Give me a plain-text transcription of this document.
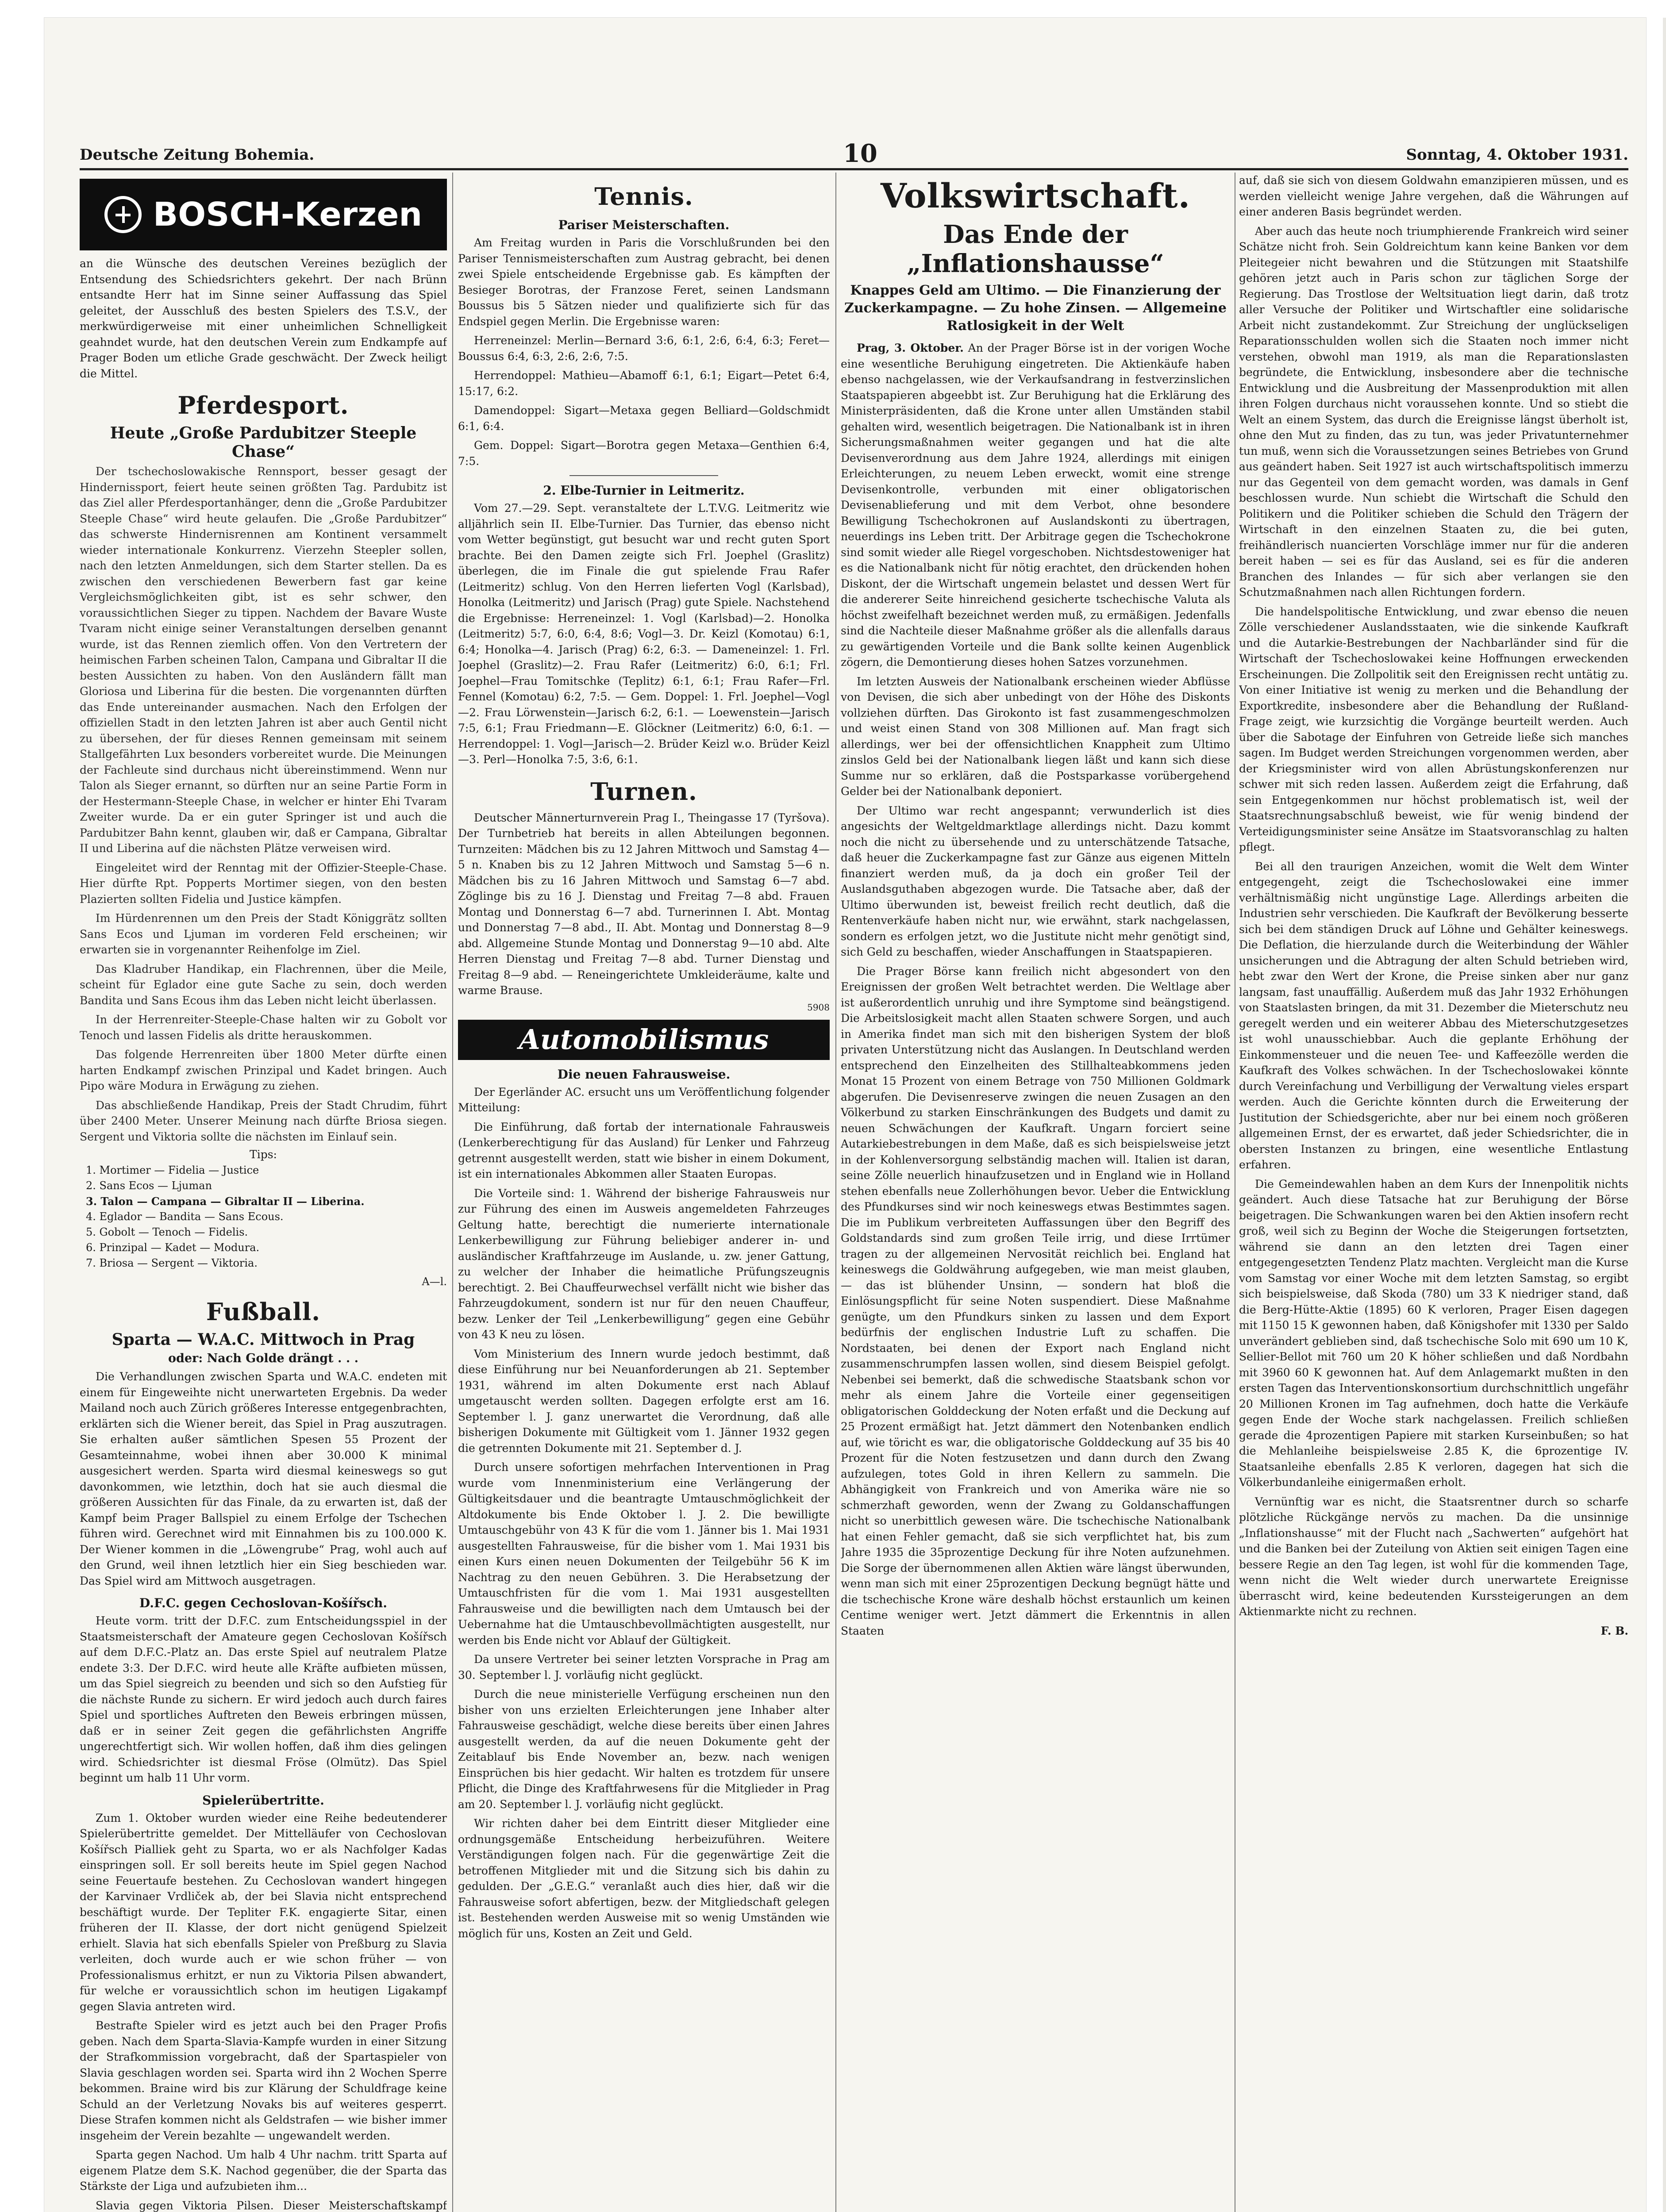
Deutsche Zeitung Bohemia.	10	Sonntag, 4. Oktober 1931.
BOSCH-Kerzen

an die Wünsche des deutschen Vereines bezüglich der Entsendung des Schiedsrichters gekehrt. Der nach Brünn entsandte Herr hat im Sinne seiner Auffassung das Spiel geleitet, der Ausschluß des besten Spielers des T.S.V., der merkwürdigerweise mit einer unheimlichen Schnelligkeit geahndet wurde, hat den deutschen Verein zum Endkampfe auf Prager Boden um etliche Grade geschwächt. Der Zweck heiligt die Mittel.

Pferdesport.
Heute „Große Pardubitzer Steeple Chase“

Der tschechoslowakische Rennsport, besser gesagt der Hindernissport, feiert heute seinen größten Tag. Pardubitz ist das Ziel aller Pferdesportanhänger, denn die „Große Pardubitzer Steeple Chase“ wird heute gelaufen. Die „Große Pardubitzer“ das schwerste Hindernisrennen am Kontinent versammelt wieder internationale Konkurrenz. Vierzehn Steepler sollen, nach den letzten Anmeldungen, sich dem Starter stellen. Da es zwischen den verschiedenen Bewerbern fast gar keine Vergleichsmöglichkeiten gibt, ist es sehr schwer, den voraussichtlichen Sieger zu tippen. Nachdem der Bavare Wuste Tvaram nicht einige seiner Veranstaltungen derselben genannt wurde, ist das Rennen ziemlich offen. Von den Vertretern der heimischen Farben scheinen Talon, Campana und Gibraltar II die besten Aussichten zu haben. Von den Ausländern fällt man Gloriosa und Liberina für die besten. Die vorgenannten dürften das Ende untereinander ausmachen. Nach den Erfolgen der offiziellen Stadt in den letzten Jahren ist aber auch Gentil nicht zu übersehen, der für dieses Rennen gemeinsam mit seinem Stallgefährten Lux besonders vorbereitet wurde. Die Meinungen der Fachleute sind durchaus nicht übereinstimmend. Wenn nur Talon als Sieger ernannt, so dürften nur an seine Partie Form in der Hestermann-Steeple Chase, in welcher er hinter Ehi Tvaram Zweiter wurde. Da er ein guter Springer ist und auch die Pardubitzer Bahn kennt, glauben wir, daß er Campana, Gibraltar II und Liberina auf die nächsten Plätze verweisen wird.

Eingeleitet wird der Renntag mit der Offizier-Steeple-Chase. Hier dürfte Rpt. Popperts Mortimer siegen, von den besten Plazierten sollten Fidelia und Justice kämpfen.

Im Hürdenrennen um den Preis der Stadt Königgrätz sollten Sans Ecos und Ljuman im vorderen Feld erscheinen; wir erwarten sie in vorgenannter Reihenfolge im Ziel.

Das Kladruber Handikap, ein Flachrennen, über die Meile, scheint für Eglador eine gute Sache zu sein, doch werden Bandita und Sans Ecous ihm das Leben nicht leicht überlassen.

In der Herrenreiter-Steeple-Chase halten wir zu Gobolt vor Tenoch und lassen Fidelis als dritte herauskommen.

Das folgende Herrenreiten über 1800 Meter dürfte einen harten Endkampf zwischen Prinzipal und Kadet bringen. Auch Pipo wäre Modura in Erwägung zu ziehen.

Das abschließende Handikap, Preis der Stadt Chrudim, führt über 2400 Meter. Unserer Meinung nach dürfte Briosa siegen. Sergent und Viktoria sollte die nächsten im Einlauf sein.

Tips:
1. Mortimer — Fidelia — Justice
2. Sans Ecos — Ljuman
3. Talon — Campana — Gibraltar II — Liberina.
4. Eglador — Bandita — Sans Ecous.
5. Gobolt — Tenoch — Fidelis.
6. Prinzipal — Kadet — Modura.
7. Briosa — Sergent — Viktoria.
A—l.
Fußball.
Sparta — W.A.C. Mittwoch in Prag
oder: Nach Golde drängt . . .

Die Verhandlungen zwischen Sparta und W.A.C. endeten mit einem für Eingeweihte nicht unerwarteten Ergebnis. Da weder Mailand noch auch Zürich größeres Interesse entgegenbrachten, erklärten sich die Wiener bereit, das Spiel in Prag auszutragen. Sie erhalten außer sämtlichen Spesen 55 Prozent der Gesamteinnahme, wobei ihnen aber 30.000 K minimal ausgesichert werden. Sparta wird diesmal keineswegs so gut davonkommen, wie letzthin, doch hat sie auch diesmal die größeren Aussichten für das Finale, da zu erwarten ist, daß der Kampf beim Prager Ballspiel zu einem Erfolge der Tschechen führen wird. Gerechnet wird mit Einnahmen bis zu 100.000 K. Der Wiener kommen in die „Löwengrube“ Prag, wohl auch auf den Grund, weil ihnen letztlich hier ein Sieg beschieden war. Das Spiel wird am Mittwoch ausgetragen.

D.F.C. gegen Cechoslovan-Košířsch.

Heute vorm. tritt der D.F.C. zum Entscheidungsspiel in der Staatsmeisterschaft der Amateure gegen Cechoslovan Košířsch auf dem D.F.C.-Platz an. Das erste Spiel auf neutralem Platze endete 3:3. Der D.F.C. wird heute alle Kräfte aufbieten müssen, um das Spiel siegreich zu beenden und sich so den Aufstieg für die nächste Runde zu sichern. Er wird jedoch auch durch faires Spiel und sportliches Auftreten den Beweis erbringen müssen, daß er in seiner Zeit gegen die gefährlichsten Angriffe ungerechtfertigt sich. Wir wollen hoffen, daß ihm dies gelingen wird. Schiedsrichter ist diesmal Fröse (Olmütz). Das Spiel beginnt um halb 11 Uhr vorm.

Spielerübertritte.

Zum 1. Oktober wurden wieder eine Reihe bedeutenderer Spielerübertritte gemeldet. Der Mittelläufer von Cechoslovan Košířsch Pialliek geht zu Sparta, wo er als Nachfolger Kadas einspringen soll. Er soll bereits heute im Spiel gegen Nachod seine Feuertaufe bestehen. Zu Cechoslovan wandert hingegen der Karvinaer Vrdliček ab, der bei Slavia nicht entsprechend beschäftigt wurde. Der Tepliter F.K. engagierte Sitar, einen früheren der II. Klasse, der dort nicht genügend Spielzeit erhielt. Slavia hat sich ebenfalls Spieler von Preßburg zu Slavia verleiten, doch wurde auch er wie schon früher — von Professionalismus erhitzt, er nun zu Viktoria Pilsen abwandert, für welche er voraussichtlich schon im heutigen Ligakampf gegen Slavia antreten wird.

Bestrafte Spieler wird es jetzt auch bei den Prager Profis geben. Nach dem Sparta-Slavia-Kampfe wurden in einer Sitzung der Strafkommission vorgebracht, daß der Spartaspieler von Slavia geschlagen worden sei. Sparta wird ihn 2 Wochen Sperre bekommen. Braine wird bis zur Klärung der Schuldfrage keine Schuld an der Verletzung Novaks bis auf weiteres gesperrt. Diese Strafen kommen nicht als Geldstrafen — wie bisher immer insgeheim der Verein bezahlte — ungewandelt werden.

Sparta gegen Nachod. Um halb 4 Uhr nachm. tritt Sparta auf eigenem Platze dem S.K. Nachod gegenüber, die der Sparta das Stärkste der Liga und aufzubieten ihm...

Slavia gegen Viktoria Pilsen. Dieser Meisterschaftskampf

Tennis.
Pariser Meisterschaften.

Am Freitag wurden in Paris die Vorschlußrunden bei den Pariser Tennismeisterschaften zum Austrag gebracht, bei denen zwei Spiele entscheidende Ergebnisse gab. Es kämpften der Besieger Borotras, der Franzose Feret, seinen Landsmann Boussus bis 5 Sätzen nieder und qualifizierte sich für das Endspiel gegen Merlin. Die Ergebnisse waren:

Herreneinzel: Merlin—Bernard 3:6, 6:1, 2:6, 6:4, 6:3; Feret—Boussus 6:4, 6:3, 2:6, 2:6, 7:5.

Herrendoppel: Mathieu—Abamoff 6:1, 6:1; Eigart—Petet 6:4, 15:17, 6:2.

Damendoppel: Sigart—Metaxa gegen Belliard—Goldschmidt 6:1, 6:4.

Gem. Doppel: Sigart—Borotra gegen Metaxa—Genthien 6:4, 7:5.

2. Elbe-Turnier in Leitmeritz.

Vom 27.—29. Sept. veranstaltete der L.T.V.G. Leitmeritz wie alljährlich sein II. Elbe-Turnier. Das Turnier, das ebenso nicht vom Wetter begünstigt, gut besucht war und recht guten Sport brachte. Bei den Damen zeigte sich Frl. Joephel (Graslitz) überlegen, die im Finale die gut spielende Frau Rafer (Leitmeritz) schlug. Von den Herren lieferten Vogl (Karlsbad), Honolka (Leitmeritz) und Jarisch (Prag) gute Spiele. Nachstehend die Ergebnisse: Herreneinzel: 1. Vogl (Karlsbad)—2. Honolka (Leitmeritz) 5:7, 6:0, 6:4, 8:6; Vogl—3. Dr. Keizl (Komotau) 6:1, 6:4; Honolka—4. Jarisch (Prag) 6:2, 6:3. — Dameneinzel: 1. Frl. Joephel (Graslitz)—2. Frau Rafer (Leitmeritz) 6:0, 6:1; Frl. Joephel—Frau Tomitschke (Teplitz) 6:1, 6:1; Frau Rafer—Frl. Fennel (Komotau) 6:2, 7:5. — Gem. Doppel: 1. Frl. Joephel—Vogl—2. Frau Lörwenstein—Jarisch 6:2, 6:1. — Loewenstein—Jarisch 7:5, 6:1; Frau Friedmann—E. Glöckner (Leitmeritz) 6:0, 6:1. — Herrendoppel: 1. Vogl—Jarisch—2. Brüder Keizl w.o. Brüder Keizl—3. Perl—Honolka 7:5, 3:6, 6:1.

Turnen.

Deutscher Männerturnverein Prag I., Theingasse 17 (Tyršova). Der Turnbetrieb hat bereits in allen Abteilungen begonnen. Turnzeiten: Mädchen bis zu 12 Jahren Mittwoch und Samstag 4—5 n. Knaben bis zu 12 Jahren Mittwoch und Samstag 5—6 n. Mädchen bis zu 16 Jahren Mittwoch und Samstag 6—7 abd. Zöglinge bis zu 16 J. Dienstag und Freitag 7—8 abd. Frauen Montag und Donnerstag 6—7 abd. Turnerinnen I. Abt. Montag und Donnerstag 7—8 abd., II. Abt. Montag und Donnerstag 8—9 abd. Allgemeine Stunde Montag und Donnerstag 9—10 abd. Alte Herren Dienstag und Freitag 7—8 abd. Turner Dienstag und Freitag 8—9 abd. — Reneingerichtete Umkleideräume, kalte und warme Brause.

5908
Automobilismus
Die neuen Fahrausweise.

Der Egerländer AC. ersucht uns um Veröffentlichung folgender Mitteilung:

Die Einführung, daß fortab der internationale Fahrausweis (Lenkerberechtigung für das Ausland) für Lenker und Fahrzeug getrennt ausgestellt werden, statt wie bisher in einem Dokument, ist ein internationales Abkommen aller Staaten Europas.

Die Vorteile sind: 1. Während der bisherige Fahrausweis nur zur Führung des einen im Ausweis angemeldeten Fahrzeuges Geltung hatte, berechtigt die numerierte internationale Lenkerbewilligung zur Führung beliebiger anderer in- und ausländischer Kraftfahrzeuge im Auslande, u. zw. jener Gattung, zu welcher der Inhaber die heimatliche Prüfungszeugnis berechtigt. 2. Bei Chauffeurwechsel verfällt nicht wie bisher das Fahrzeugdokument, sondern ist nur für den neuen Chauffeur, bezw. Lenker der Teil „Lenkerbewilligung“ gegen eine Gebühr von 43 K neu zu lösen.

Vom Ministerium des Innern wurde jedoch bestimmt, daß diese Einführung nur bei Neuanforderungen ab 21. September 1931, während im alten Dokumente erst nach Ablauf umgetauscht werden sollten. Dagegen erfolgte erst am 16. September l. J. ganz unerwartet die Verordnung, daß alle bisherigen Dokumente mit Gültigkeit vom 1. Jänner 1932 gegen die getrennten Dokumente mit 21. September d. J.

Durch unsere sofortigen mehrfachen Interventionen in Prag wurde vom Innenministerium eine Verlängerung der Gültigkeitsdauer und die beantragte Umtauschmöglichkeit der Altdokumente bis Ende Oktober l. J. 2. Die bewilligte Umtauschgebühr von 43 K für die vom 1. Jänner bis 1. Mai 1931 ausgestellten Fahrausweise, für die bisher vom 1. Mai 1931 bis einen Kurs einen neuen Dokumenten der Teilgebühr 56 K im Nachtrag zu den neuen Gebühren. 3. Die Herabsetzung der Umtauschfristen für die vom 1. Mai 1931 ausgestellten Fahrausweise und die bewilligten nach dem Umtausch bei der Uebernahme hat die Umtauschbevollmächtigten ausgestellt, nur werden bis Ende nicht vor Ablauf der Gültigkeit.

Da unsere Vertreter bei seiner letzten Vorsprache in Prag am 30. September l. J. vorläufig nicht geglückt.

Durch die neue ministerielle Verfügung erscheinen nun den bisher von uns erzielten Erleichterungen jene Inhaber alter Fahrausweise geschädigt, welche diese bereits über einen Jahres ausgestellt werden, da auf die neuen Dokumente geht der Zeitablauf bis Ende November an, bezw. nach wenigen Einsprüchen bis hier gedacht. Wir halten es trotzdem für unsere Pflicht, die Dinge des Kraftfahrwesens für die Mitglieder in Prag am 20. September l. J. vorläufig nicht geglückt.

Wir richten daher bei dem Eintritt dieser Mitglieder eine ordnungsgemäße Entscheidung herbeizuführen. Weitere Verständigungen folgen nach. Für die gegenwärtige Zeit die betroffenen Mitglieder mit und die Sitzung sich bis dahin zu gedulden. Der „G.E.G.“ veranlaßt auch dies hier, daß wir die Fahrausweise sofort abfertigen, bezw. der Mitgliedschaft gelegen ist. Bestehenden werden Ausweise mit so wenig Umständen wie möglich für uns, Kosten an Zeit und Geld.

Volkswirtschaft.
Das Ende der „Inflationshausse“
Knappes Geld am Ultimo. — Die Finanzierung der Zuckerkampagne. — Zu hohe Zinsen. — Allgemeine Ratlosigkeit in der Welt

Prag, 3. Oktober. An der Prager Börse ist in der vorigen Woche eine wesentliche Beruhigung eingetreten. Die Aktienkäufe haben ebenso nachgelassen, wie der Verkaufsandrang in festverzinslichen Staatspapieren abgeebbt ist. Zur Beruhigung hat die Erklärung des Ministerpräsidenten, daß die Krone unter allen Umständen stabil gehalten wird, wesentlich beigetragen. Die Nationalbank ist in ihren Sicherungsmaßnahmen weiter gegangen und hat die alte Devisenverordnung aus dem Jahre 1924, allerdings mit einigen Erleichterungen, zu neuem Leben erweckt, womit eine strenge Devisenkontrolle, verbunden mit einer obligatorischen Devisenablieferung und mit dem Verbot, ohne besondere Bewilligung Tschechokronen auf Auslandskonti zu übertragen, neuerdings ins Leben tritt. Der Arbitrage gegen die Tschechokrone sind somit wieder alle Riegel vorgeschoben. Nichtsdestoweniger hat es die Nationalbank nicht für nötig erachtet, den drückenden hohen Diskont, der die Wirtschaft ungemein belastet und dessen Wert für die andererer Seite hinreichend gesicherte tschechische Valuta als höchst zweifelhaft bezeichnet werden muß, zu ermäßigen. Jedenfalls sind die Nachteile dieser Maßnahme größer als die allenfalls daraus zu gewärtigenden Vorteile und die Bank sollte keinen Augenblick zögern, die Demontierung dieses hohen Satzes vorzunehmen.

Im letzten Ausweis der Nationalbank erscheinen wieder Abflüsse von Devisen, die sich aber unbedingt von der Höhe des Diskonts vollziehen dürften. Das Girokonto ist fast zusammengeschmolzen und weist einen Stand von 308 Millionen auf. Man fragt sich allerdings, wer bei der offensichtlichen Knappheit zum Ultimo zinslos Geld bei der Nationalbank liegen läßt und kann sich diese Summe nur so erklären, daß die Postsparkasse vorübergehend Gelder bei der Nationalbank deponiert.

Der Ultimo war recht angespannt; verwunderlich ist dies angesichts der Weltgeldmarktlage allerdings nicht. Dazu kommt noch die nicht zu übersehende und zu unterschätzende Tatsache, daß heuer die Zuckerkampagne fast zur Gänze aus eigenen Mitteln finanziert werden muß, da ja doch ein großer Teil der Auslandsguthaben abgezogen wurde. Die Tatsache aber, daß der Ultimo überwunden ist, beweist freilich recht deutlich, daß die Rentenverkäufe haben nicht nur, wie erwähnt, stark nachgelassen, sondern es erfolgen jetzt, wo die Justitute nicht mehr genötigt sind, sich Geld zu beschaffen, wieder Anschaffungen in Staatspapieren.

Die Prager Börse kann freilich nicht abgesondert von den Ereignissen der großen Welt betrachtet werden. Die Weltlage aber ist außerordentlich unruhig und ihre Symptome sind beängstigend. Die Arbeitslosigkeit macht allen Staaten schwere Sorgen, und auch in Amerika findet man sich mit den bisherigen System der bloß privaten Unterstützung nicht das Auslangen. In Deutschland werden entsprechend den Einzelheiten des Stillhalteabkommens jeden Monat 15 Prozent von einem Betrage von 750 Millionen Goldmark abgerufen. Die Devisenreserve zwingen die neuen Zusagen an den Völkerbund zu starken Einschränkungen des Budgets und damit zu neuen Schwächungen der Kaufkraft. Ungarn forciert seine Autarkiebestrebungen in dem Maße, daß es sich beispielsweise jetzt in der Kohlenversorgung selbständig machen will. Italien ist daran, seine Zölle neuerlich hinaufzusetzen und in England wie in Holland stehen ebenfalls neue Zollerhöhungen bevor. Ueber die Entwicklung des Pfundkurses sind wir noch keineswegs etwas Bestimmtes sagen. Die im Publikum verbreiteten Auffassungen über den Begriff des Goldstandards sind zum großen Teile irrig, und diese Irrtümer tragen zu der allgemeinen Nervosität reichlich bei. England hat keineswegs die Goldwährung aufgegeben, wie man meist glauben, — das ist blühender Unsinn, — sondern hat bloß die Einlösungspflicht für seine Noten suspendiert. Diese Maßnahme genügte, um den Pfundkurs sinken zu lassen und dem Export bedürfnis der englischen Industrie Luft zu schaffen. Die Nordstaaten, bei denen der Export nach England nicht zusammenschrumpfen lassen wollen, sind diesem Beispiel gefolgt. Nebenbei sei bemerkt, daß die schwedische Staatsbank schon vor mehr als einem Jahre die Vorteile einer gegenseitigen obligatorischen Golddeckung der Noten erfaßt und die Deckung auf 25 Prozent ermäßigt hat. Jetzt dämmert den Notenbanken endlich auf, wie töricht es war, die obligatorische Golddeckung auf 35 bis 40 Prozent für die Noten festzusetzen und dann durch den Zwang aufzulegen, totes Gold in ihren Kellern zu sammeln. Die Abhängigkeit von Frankreich und von Amerika wäre nie so schmerzhaft geworden, wenn der Zwang zu Goldanschaffungen nicht so unerbittlich gewesen wäre. Die tschechische Nationalbank hat einen Fehler gemacht, daß sie sich verpflichtet hat, bis zum Jahre 1935 die 35prozentige Deckung für ihre Noten aufzunehmen. Die Sorge der übernommenen allen Aktien wäre längst überwunden, wenn man sich mit einer 25prozentigen Deckung begnügt hätte und die tschechische Krone wäre deshalb höchst erstaunlich um keinen Centime weniger wert. Jetzt dämmert die Erkenntnis in allen Staaten

auf, daß sie sich von diesem Goldwahn emanzipieren müssen, und es werden vielleicht wenige Jahre vergehen, daß die Währungen auf einer anderen Basis begründet werden.

Aber auch das heute noch triumphierende Frankreich wird seiner Schätze nicht froh. Sein Goldreichtum kann keine Banken vor dem Pleitegeier nicht bewahren und die Stützungen mit Staatshilfe gehören jetzt auch in Paris schon zur täglichen Sorge der Regierung. Das Trostlose der Weltsituation liegt darin, daß trotz aller Versuche der Politiker und Wirtschaftler eine solidarische Arbeit nicht zustandekommt. Zur Streichung der unglückseligen Reparationsschulden wollen sich die Staaten noch immer nicht verstehen, obwohl man 1919, als man die Reparationslasten begründete, die Entwicklung, insbesondere aber die technische Entwicklung und die Ausbreitung der Massenproduktion mit allen ihren Folgen durchaus nicht voraussehen konnte. Und so stiebt die Welt an einem System, das durch die Ereignisse längst überholt ist, ohne den Mut zu finden, das zu tun, was jeder Privatunternehmer tun muß, wenn sich die Voraussetzungen seines Betriebes von Grund aus geändert haben. Seit 1927 ist auch wirtschaftspolitisch immerzu nur das Gegenteil von dem gemacht worden, was damals in Genf beschlossen wurde. Nun schiebt die Wirtschaft die Schuld den Politikern und die Politiker schieben die Schuld den Trägern der Wirtschaft in den einzelnen Staaten zu, die bei guten, freihändlerisch nuancierten Vorschläge immer nur für die anderen bereit haben — sei es für das Ausland, sei es für die anderen Branchen des Inlandes — für sich aber verlangen sie den Schutzmaßnahmen nach allen Richtungen fordern.

Die handelspolitische Entwicklung, und zwar ebenso die neuen Zölle verschiedener Auslandsstaaten, wie die sinkende Kaufkraft und die Autarkie-Bestrebungen der Nachbarländer sind für die Wirtschaft der Tschechoslowakei keine Hoffnungen erweckenden Erscheinungen. Die Zollpolitik seit den Ereignissen recht untätig zu. Von einer Initiative ist wenig zu merken und die Behandlung der Exportkredite, insbesondere aber die Behandlung der Rußland-Frage zeigt, wie kurzsichtig die Vorgänge beurteilt werden. Auch über die Sabotage der Einfuhren von Getreide ließe sich manches sagen. Im Budget werden Streichungen vorgenommen werden, aber der Kriegsminister wird von allen Abrüstungskonferenzen nur schwer mit sich reden lassen. Außerdem zeigt die Erfahrung, daß sein Entgegenkommen nur höchst problematisch ist, weil der Staatsrechnungsabschluß beweist, wie für wenig bindend der Verteidigungsminister seine Ansätze im Staatsvoranschlag zu halten pflegt.

Bei all den traurigen Anzeichen, womit die Welt dem Winter entgegengeht, zeigt die Tschechoslowakei eine immer verhältnismäßig nicht ungünstige Lage. Allerdings arbeiten die Industrien sehr verschieden. Die Kaufkraft der Bevölkerung besserte sich bei dem ständigen Druck auf Löhne und Gehälter keineswegs. Die Deflation, die hierzulande durch die Weiterbindung der Wähler unsicherungen und die Abtragung der alten Schuld betrieben wird, hebt zwar den Wert der Krone, die Preise sinken aber nur ganz langsam, fast unauffällig. Außerdem muß das Jahr 1932 Erhöhungen von Staatslasten bringen, da mit 31. Dezember die Mieterschutz neu geregelt werden und ein weiterer Abbau des Mieterschutzgesetzes ist wohl unausschiebbar. Auch die geplante Erhöhung der Einkommensteuer und die neuen Tee- und Kaffeezölle werden die Kaufkraft des Volkes schwächen. In der Tschechoslowakei könnte durch Vereinfachung und Verbilligung der Verwaltung vieles erspart werden. Auch die Gerichte könnten durch die Erweiterung der Justitution der Schiedsgerichte, aber nur bei einem noch größeren allgemeinen Ernst, der es erwartet, daß jeder Schiedsrichter, die in obersten Instanzen zu bringen, eine wesentliche Entlastung erfahren.

Die Gemeindewahlen haben an dem Kurs der Innenpolitik nichts geändert. Auch diese Tatsache hat zur Beruhigung der Börse beigetragen. Die Schwankungen waren bei den Aktien insofern recht groß, weil sich zu Beginn der Woche die Steigerungen fortsetzten, während sie dann an den letzten drei Tagen einer entgegengesetzten Tendenz Platz machten. Vergleicht man die Kurse vom Samstag vor einer Woche mit dem letzten Samstag, so ergibt sich beispielsweise, daß Skoda (780) um 33 K niedriger stand, daß die Berg-Hütte-Aktie (1895) 60 K verloren, Prager Eisen dagegen mit 1150 15 K gewonnen haben, daß Königshofer mit 1330 per Saldo unverändert geblieben sind, daß tschechische Solo mit 690 um 10 K, Sellier-Bellot mit 760 um 20 K höher schließen und daß Nordbahn mit 3960 60 K gewonnen hat. Auf dem Anlagemarkt mußten in den ersten Tagen das Interventionskonsortium durchschnittlich ungefähr 20 Millionen Kronen im Tag aufnehmen, doch hatte die Verkäufe gegen Ende der Woche stark nachgelassen. Freilich schließen gerade die 4prozentigen Papiere mit starken Kurseinbußen; so hat die Mehlanleihe beispielsweise 2.85 K, die 6prozentige IV. Staatsanleihe ebenfalls 2.85 K verloren, dagegen hat sich die Völkerbundanleihe einigermaßen erholt.

Vernünftig war es nicht, die Staatsrentner durch so scharfe plötzliche Rückgänge nervös zu machen. Da die unsinnige „Inflationshausse“ mit der Flucht nach „Sachwerten“ aufgehört hat und die Banken bei der Zuteilung von Aktien seit einigen Tagen eine bessere Regie an den Tag legen, ist wohl für die kommenden Tage, wenn nicht die Welt wieder durch unerwartete Ereignisse überrascht wird, keine bedeutenden Kurssteigerungen an dem Aktienmarkte nicht zu rechnen.

F. B.
